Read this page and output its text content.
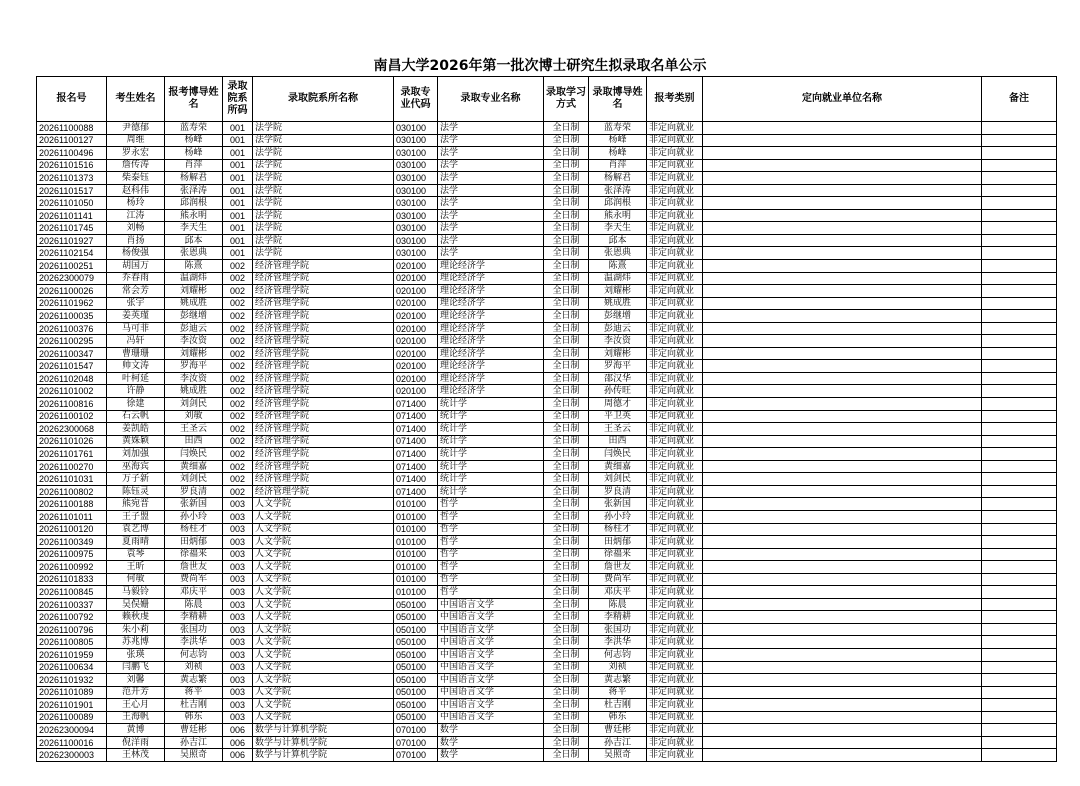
南昌大学2026年第一批次博士研究生拟录取名单公示
报名号	考生姓名	报考博导姓名	录取院系所码	录取院系所名称	录取专业代码	录取专业名称	录取学习方式	录取博导姓名	报考类别	定向就业单位名称	备注
20261100088	尹德郁	蓝寿荣	001	法学院	030100	法学	全日制	蓝寿荣	非定向就业		
20261100127	周维	杨峰	001	法学院	030100	法学	全日制	杨峰	非定向就业		
20261100496	罗永宏	杨峰	001	法学院	030100	法学	全日制	杨峰	非定向就业		
20261101516	詹传涛	肖萍	001	法学院	030100	法学	全日制	肖萍	非定向就业		
20261101373	柴泰钰	杨解君	001	法学院	030100	法学	全日制	杨解君	非定向就业		
20261101517	赵科伟	张泽涛	001	法学院	030100	法学	全日制	张泽涛	非定向就业		
20261101050	杨玲	邱润根	001	法学院	030100	法学	全日制	邱润根	非定向就业		
20261101141	江涛	熊永明	001	法学院	030100	法学	全日制	熊永明	非定向就业		
20261101745	刘畅	李天生	001	法学院	030100	法学	全日制	李天生	非定向就业		
20261101927	肖扬	邱本	001	法学院	030100	法学	全日制	邱本	非定向就业		
20261102154	杨俊强	张恩典	001	法学院	030100	法学	全日制	张恩典	非定向就业		
20261100251	胡国万	陈熹	002	经济管理学院	020100	理论经济学	全日制	陈熹	非定向就业		
20262300079	乔春雨	温湖炜	002	经济管理学院	020100	理论经济学	全日制	温湖炜	非定向就业		
20261100026	常会芳	刘耀彬	002	经济管理学院	020100	理论经济学	全日制	刘耀彬	非定向就业		
20261101962	张宇	姚成胜	002	经济管理学院	020100	理论经济学	全日制	姚成胜	非定向就业		
20261100035	姜英瑾	彭继增	002	经济管理学院	020100	理论经济学	全日制	彭继增	非定向就业		
20261100376	马可菲	彭迪云	002	经济管理学院	020100	理论经济学	全日制	彭迪云	非定向就业		
20261100295	冯轩	李汝资	002	经济管理学院	020100	理论经济学	全日制	李汝资	非定向就业		
20261100347	曹珊珊	刘耀彬	002	经济管理学院	020100	理论经济学	全日制	刘耀彬	非定向就业		
20261101547	帅文涛	罗海平	002	经济管理学院	020100	理论经济学	全日制	罗海平	非定向就业		
20261102048	叶柯延	李汝资	002	经济管理学院	020100	理论经济学	全日制	邵汉华	非定向就业		
20261101002	许静	姚成胜	002	经济管理学院	020100	理论经济学	全日制	孙传旺	非定向就业		
20261100816	徐建	刘剑民	002	经济管理学院	071400	统计学	全日制	周德才	非定向就业		
20261100102	石云帆	刘敏	002	经济管理学院	071400	统计学	全日制	平卫英	非定向就业		
20262300068	姜凯皓	王圣云	002	经济管理学院	071400	统计学	全日制	王圣云	非定向就业		
20261101026	黄姝颖	田西	002	经济管理学院	071400	统计学	全日制	田西	非定向就业		
20261101761	刘加强	闫焕民	002	经济管理学院	071400	统计学	全日制	闫焕民	非定向就业		
20261100270	巫海宾	黄细嘉	002	经济管理学院	071400	统计学	全日制	黄细嘉	非定向就业		
20261101031	万子新	刘剑民	002	经济管理学院	071400	统计学	全日制	刘剑民	非定向就业		
20261100802	陈钰灵	罗良清	002	经济管理学院	071400	统计学	全日制	罗良清	非定向就业		
20261100188	熊宛晋	张新国	003	人文学院	010100	哲学	全日制	张新国	非定向就业		
20261101011	王子盟	孙小玲	003	人文学院	010100	哲学	全日制	孙小玲	非定向就业		
20261100120	袁艺博	杨柱才	003	人文学院	010100	哲学	全日制	杨柱才	非定向就业		
20261100349	夏雨晴	田炳郁	003	人文学院	010100	哲学	全日制	田炳郁	非定向就业		
20261100975	袁琴	徐福来	003	人文学院	010100	哲学	全日制	徐福来	非定向就业		
20261100992	王昕	詹世友	003	人文学院	010100	哲学	全日制	詹世友	非定向就业		
20261101833	何敏	费尚军	003	人文学院	010100	哲学	全日制	费尚军	非定向就业		
20261100845	马毅铃	邓庆平	003	人文学院	010100	哲学	全日制	邓庆平	非定向就业		
20261100337	吴俣姗	陈晨	003	人文学院	050100	中国语言文学	全日制	陈晨	非定向就业		
20261100792	赖秋虔	李精耕	003	人文学院	050100	中国语言文学	全日制	李精耕	非定向就业		
20261100796	朱小莉	张国功	003	人文学院	050100	中国语言文学	全日制	张国功	非定向就业		
20261100805	苏兆博	李洪华	003	人文学院	050100	中国语言文学	全日制	李洪华	非定向就业		
20261101959	张瑛	何志钧	003	人文学院	050100	中国语言文学	全日制	何志钧	非定向就业		
20261100634	闫鹏飞	刘祯	003	人文学院	050100	中国语言文学	全日制	刘祯	非定向就业		
20261101932	刘馨	黄志繁	003	人文学院	050100	中国语言文学	全日制	黄志繁	非定向就业		
20261101089	范开芳	蒋平	003	人文学院	050100	中国语言文学	全日制	蒋平	非定向就业		
20261101901	王心月	杜吉刚	003	人文学院	050100	中国语言文学	全日制	杜吉刚	非定向就业		
20261100089	王海帆	韩东	003	人文学院	050100	中国语言文学	全日制	韩东	非定向就业		
20262300094	黄博	曹廷彬	006	数学与计算机学院	070100	数学	全日制	曹廷彬	非定向就业		
20261100016	倪洋雨	孙吉江	006	数学与计算机学院	070100	数学	全日制	孙吉江	非定向就业		
20262300003	王林茂	吴照奇	006	数学与计算机学院	070100	数学	全日制	吴照奇	非定向就业		
